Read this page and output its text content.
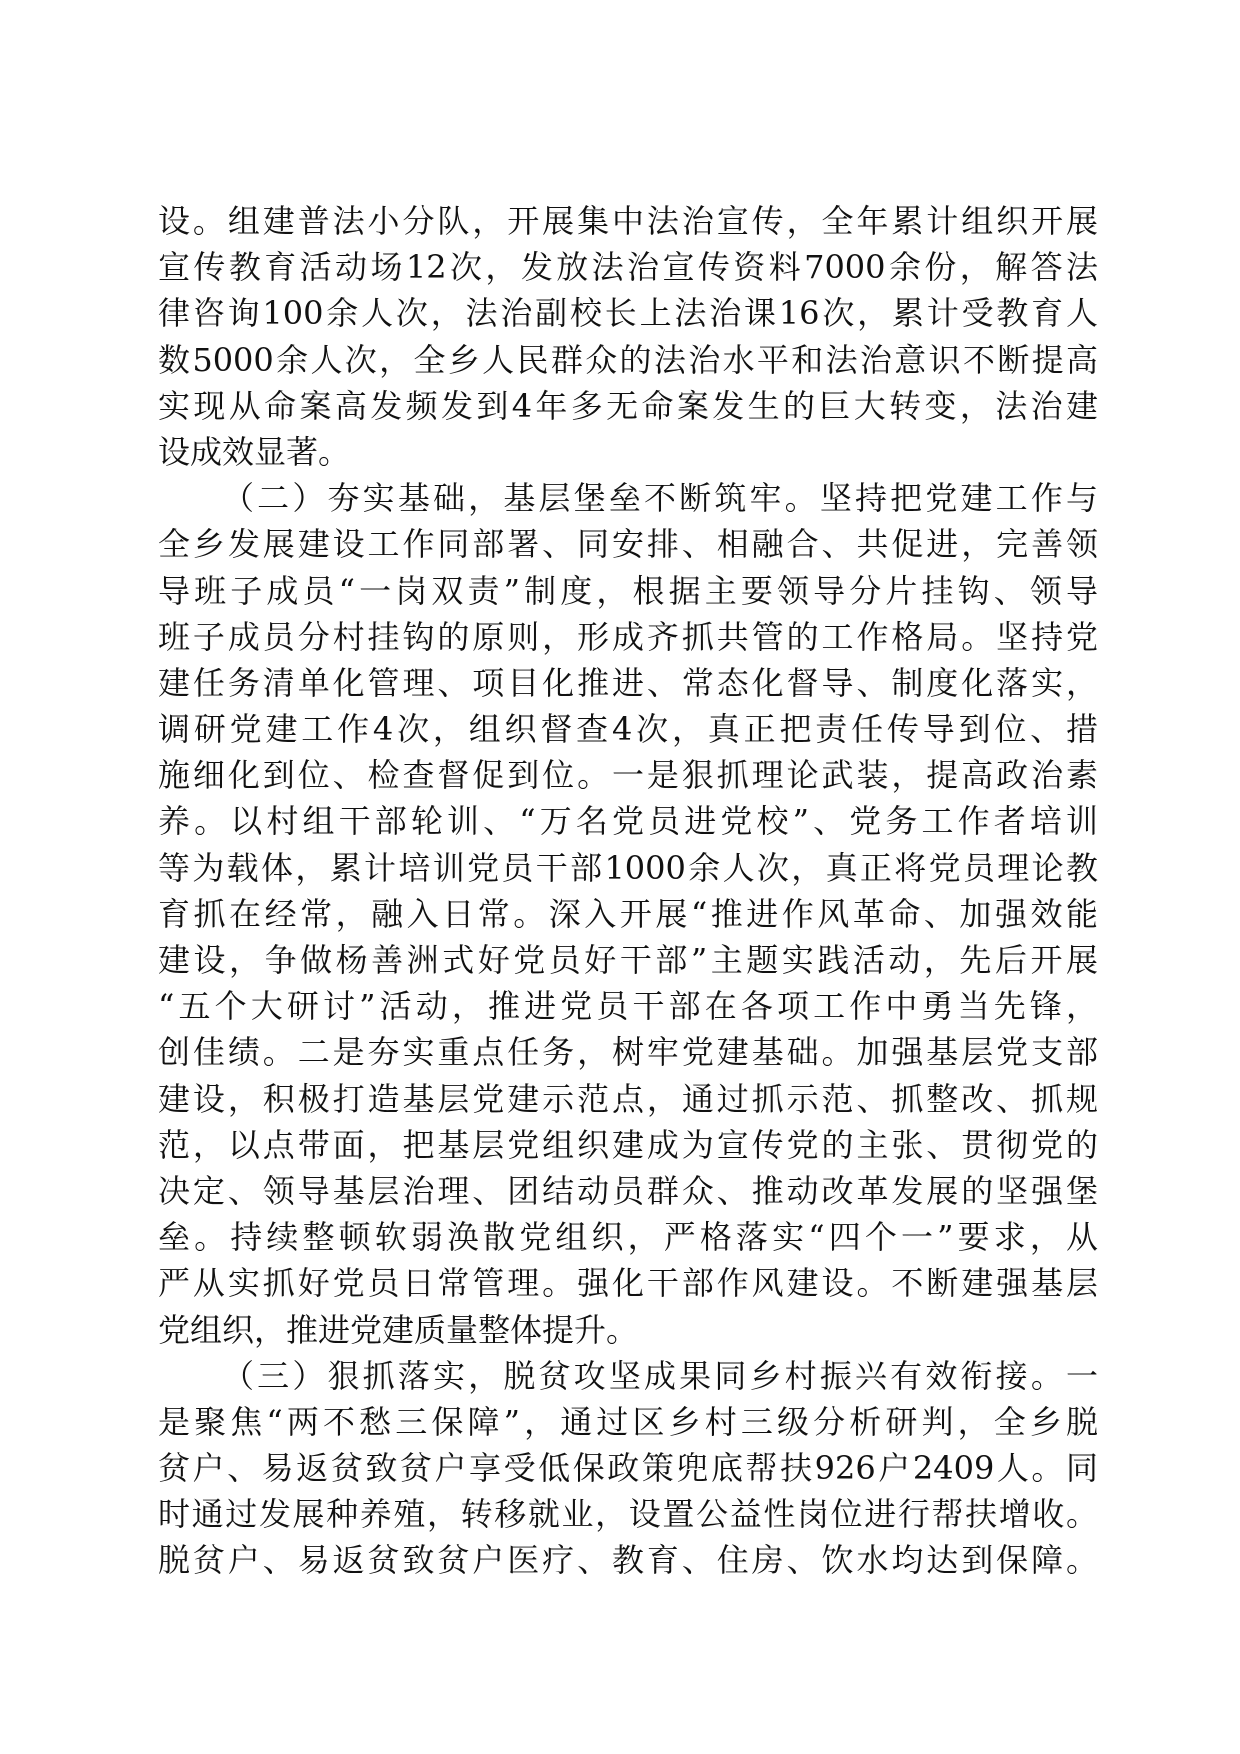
设。组建普法小分队，开展集中法治宣传，全年累计组织开展
宣传教育活动场12次，发放法治宣传资料7000余份，解答法
律咨询100余人次，法治副校长上法治课16次，累计受教育人
数5000余人次，全乡人民群众的法治水平和法治意识不断提高
实现从命案高发频发到4年多无命案发生的巨大转变，法治建
设成效显著。
（二）夯实基础，基层堡垒不断筑牢。坚持把党建工作与
全乡发展建设工作同部署、同安排、相融合、共促进，完善领
导班子成员“一岗双责”制度，根据主要领导分片挂钩、领导
班子成员分村挂钩的原则，形成齐抓共管的工作格局。坚持党
建任务清单化管理、项目化推进、常态化督导、制度化落实，
调研党建工作4次，组织督查4次，真正把责任传导到位、措
施细化到位、检查督促到位。一是狠抓理论武装，提高政治素
养。以村组干部轮训、“万名党员进党校”、党务工作者培训
等为载体，累计培训党员干部1000余人次，真正将党员理论教
育抓在经常，融入日常。深入开展“推进作风革命、加强效能
建设，争做杨善洲式好党员好干部”主题实践活动，先后开展
“五个大研讨”活动，推进党员干部在各项工作中勇当先锋，
创佳绩。二是夯实重点任务，树牢党建基础。加强基层党支部
建设，积极打造基层党建示范点，通过抓示范、抓整改、抓规
范，以点带面，把基层党组织建成为宣传党的主张、贯彻党的
决定、领导基层治理、团结动员群众、推动改革发展的坚强堡
垒。持续整顿软弱涣散党组织，严格落实“四个一”要求，从
严从实抓好党员日常管理。强化干部作风建设。不断建强基层
党组织，推进党建质量整体提升。
（三）狠抓落实，脱贫攻坚成果同乡村振兴有效衔接。一
是聚焦“两不愁三保障”，通过区乡村三级分析研判，全乡脱
贫户、易返贫致贫户享受低保政策兜底帮扶926户2409人。同
时通过发展种养殖，转移就业，设置公益性岗位进行帮扶增收。
脱贫户、易返贫致贫户医疗、教育、住房、饮水均达到保障。
